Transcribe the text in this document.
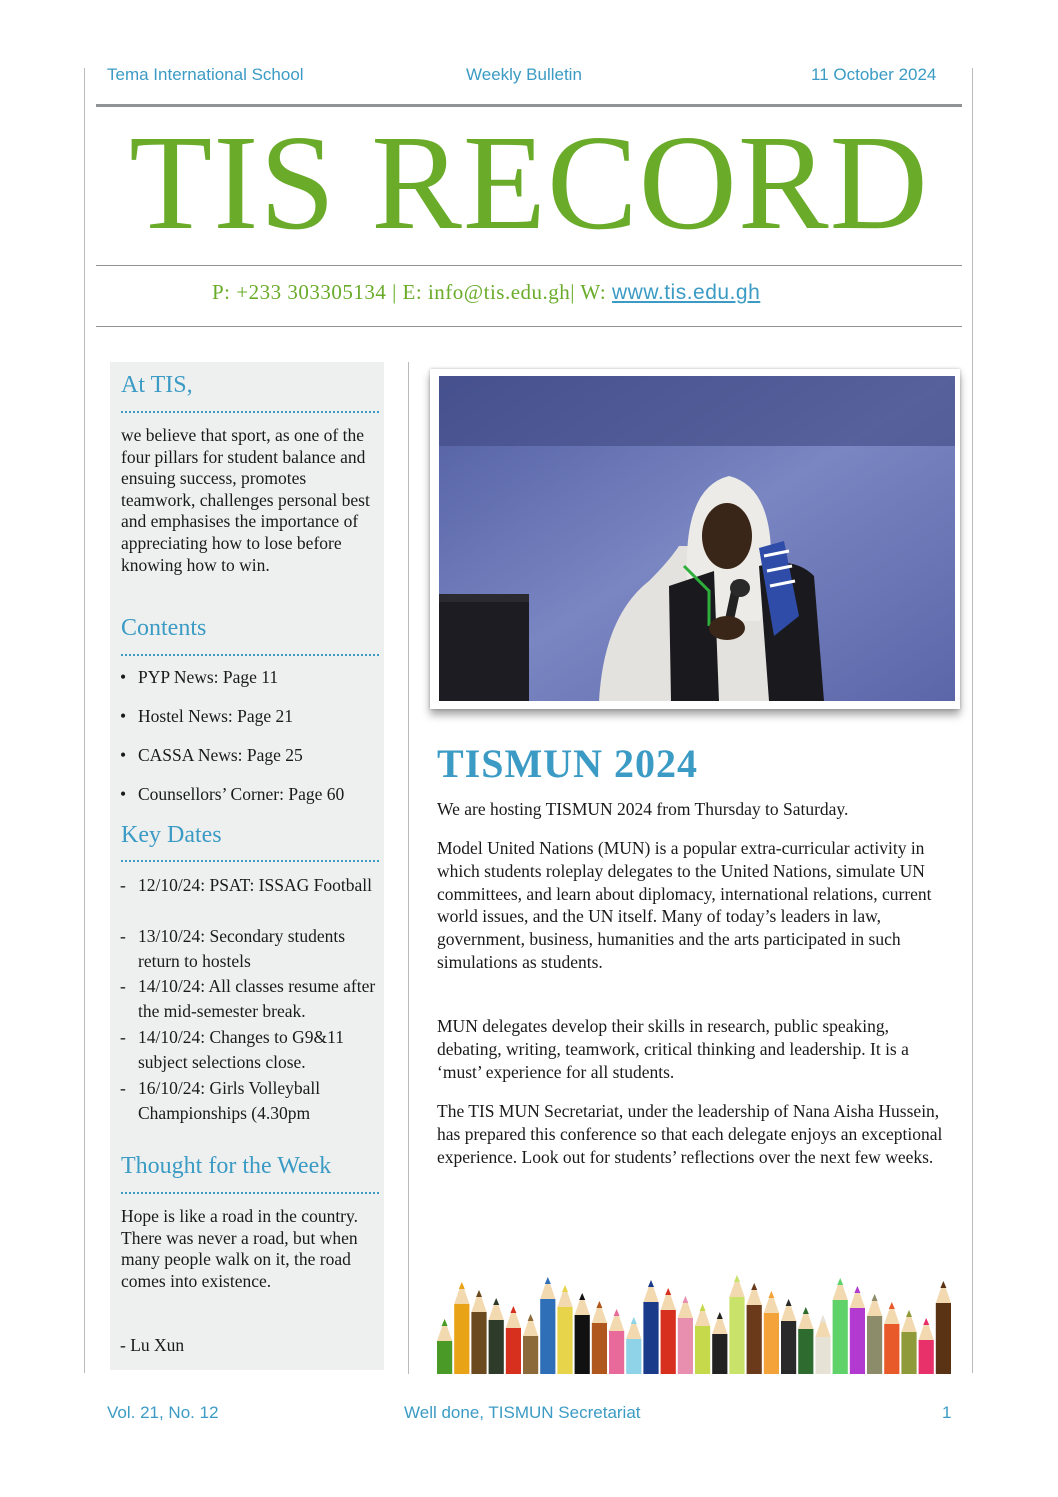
Tema International School	Weekly Bulletin	11 October 2024
TIS RECORD
P: +233 303305134 | E: info@tis.edu.gh| W: www.tis.edu.gh
At TIS,
we believe that sport, as one of the four pillars for student balance and ensuing success, promotes teamwork, challenges personal best and emphasises the importance of appreciating how to lose before knowing how to win.
Contents
• PYP News: Page 11
• Hostel News: Page 21
• CASSA News: Page 25
• Counsellors’ Corner: Page 60
Key Dates
- 12/10/24: PSAT: ISSAG Football
- 13/10/24: Secondary students return to hostels
- 14/10/24: All classes resume after the mid-semester break.
- 14/10/24: Changes to G9&11 subject selections close.
- 16/10/24: Girls Volleyball Championships (4.30pm
Thought for the Week
Hope is like a road in the country. There was never a road, but when many people walk on it, the road comes into existence.
- Lu Xun
TISMUN 2024
We are hosting TISMUN 2024 from Thursday to Saturday.
Model United Nations (MUN) is a popular extra-curricular activity in which students roleplay delegates to the United Nations, simulate UN committees, and learn about diplomacy, international relations, current world issues, and the UN itself. Many of today’s leaders in law, government, business, humanities and the arts participated in such simulations as students.
MUN delegates develop their skills in research, public speaking, debating, writing, teamwork, critical thinking and leadership. It is a ‘must’ experience for all students.
The TIS MUN Secretariat, under the leadership of Nana Aisha Hussein, has prepared this conference so that each delegate enjoys an exceptional experience. Look out for students’ reflections over the next few weeks.
Vol. 21, No. 12	Well done, TISMUN Secretariat	1
